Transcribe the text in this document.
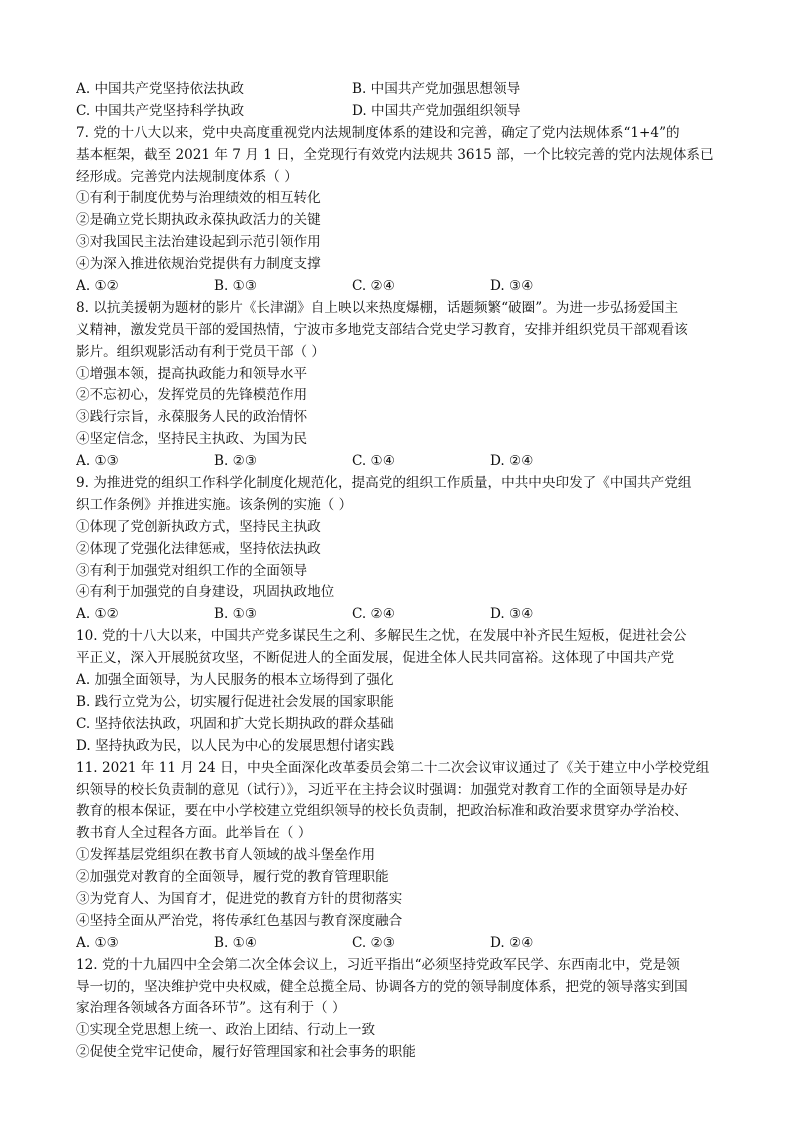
A. 中国共产党坚持依法执政	B. 中国共产党加强思想领导
C. 中国共产党坚持科学执政	D. 中国共产党加强组织领导
7. 党的十八大以来，党中央高度重视党内法规制度体系的建设和完善，确定了党内法规体系“1+4”的
基本框架，截至 2021 年 7 月 1 日，全党现行有效党内法规共 3615 部，一个比较完善的党内法规体系已
经形成。完善党内法规制度体系（ ）
①有利于制度优势与治理绩效的相互转化
②是确立党长期执政永葆执政活力的关键
③对我国民主法治建设起到示范引领作用
④为深入推进依规治党提供有力制度支撑
A. ①②	B. ①③	C. ②④	D. ③④
8. 以抗美援朝为题材的影片《长津湖》自上映以来热度爆棚，话题频繁“破圈”。为进一步弘扬爱国主
义精神，激发党员干部的爱国热情，宁波市多地党支部结合党史学习教育，安排并组织党员干部观看该
影片。组织观影活动有利于党员干部（ ）
①增强本领，提高执政能力和领导水平
②不忘初心，发挥党员的先锋模范作用
③践行宗旨，永葆服务人民的政治情怀
④坚定信念，坚持民主执政、为国为民
A. ①③	B. ②③	C. ①④	D. ②④
9. 为推进党的组织工作科学化制度化规范化，提高党的组织工作质量，中共中央印发了《中国共产党组
织工作条例》并推进实施。该条例的实施（ ）
①体现了党创新执政方式，坚持民主执政
②体现了党强化法律惩戒，坚持依法执政
③有利于加强党对组织工作的全面领导
④有利于加强党的自身建设，巩固执政地位
A. ①②	B. ①③	C. ②④	D. ③④
10. 党的十八大以来，中国共产党多谋民生之利、多解民生之忧，在发展中补齐民生短板，促进社会公
平正义，深入开展脱贫攻坚，不断促进人的全面发展，促进全体人民共同富裕。这体现了中国共产党
A. 加强全面领导，为人民服务的根本立场得到了强化
B. 践行立党为公，切实履行促进社会发展的国家职能
C. 坚持依法执政，巩固和扩大党长期执政的群众基础
D. 坚持执政为民，以人民为中心的发展思想付诸实践
11. 2021 年 11 月 24 日，中央全面深化改革委员会第二十二次会议审议通过了《关于建立中小学校党组
织领导的校长负责制的意见（试行）》，习近平在主持会议时强调：加强党对教育工作的全面领导是办好
教育的根本保证，要在中小学校建立党组织领导的校长负责制，把政治标准和政治要求贯穿办学治校、
教书育人全过程各方面。此举旨在（ ）
①发挥基层党组织在教书育人领域的战斗堡垒作用
②加强党对教育的全面领导，履行党的教育管理职能
③为党育人、为国育才，促进党的教育方针的贯彻落实
④坚持全面从严治党，将传承红色基因与教育深度融合
A. ①③	B. ①④	C. ②③	D. ②④
12. 党的十九届四中全会第二次全体会议上，习近平指出“必须坚持党政军民学、东西南北中，党是领
导一切的，坚决维护党中央权威，健全总揽全局、协调各方的党的领导制度体系，把党的领导落实到国
家治理各领域各方面各环节”。这有利于（ ）
①实现全党思想上统一、政治上团结、行动上一致
②促使全党牢记使命，履行好管理国家和社会事务的职能
